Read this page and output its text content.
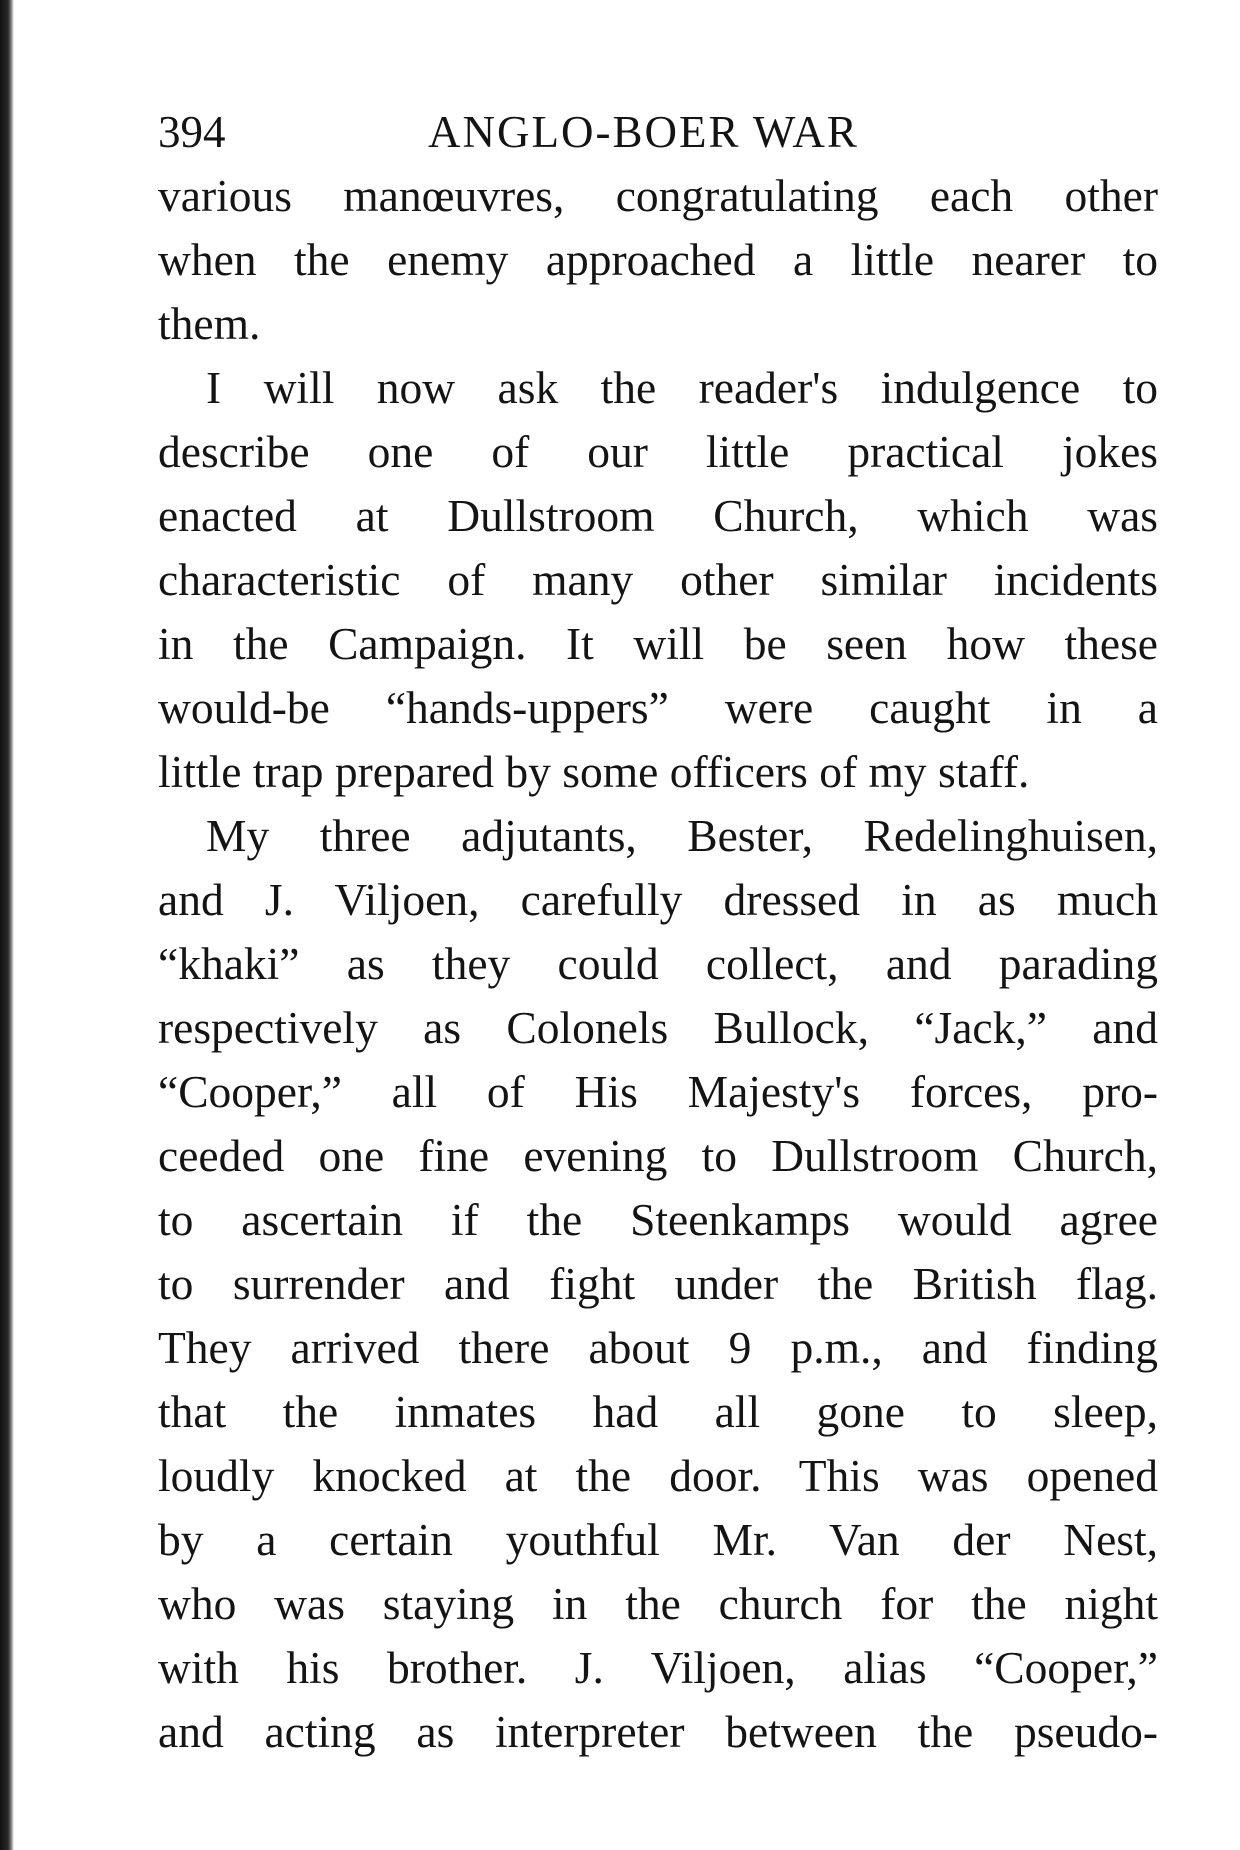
394	ANGLO-BOER WAR
various manœuvres, congratulating each other
when the enemy approached a little nearer to
them.
I will now ask the reader's indulgence to
describe one of our little practical jokes
enacted at Dullstroom Church, which was
characteristic of many other similar incidents
in the Campaign. It will be seen how these
would-be “hands-uppers” were caught in a
little trap prepared by some officers of my staff.
My three adjutants, Bester, Redelinghuisen,
and J. Viljoen, carefully dressed in as much
“khaki” as they could collect, and parading
respectively as Colonels Bullock, “Jack,” and
“Cooper,” all of His Majesty's forces, pro-
ceeded one fine evening to Dullstroom Church,
to ascertain if the Steenkamps would agree
to surrender and fight under the British flag.
They arrived there about 9 p.m., and finding
that the inmates had all gone to sleep,
loudly knocked at the door. This was opened
by a certain youthful Mr. Van der Nest,
who was staying in the church for the night
with his brother. J. Viljoen, alias “Cooper,”
and acting as interpreter between the pseudo-
